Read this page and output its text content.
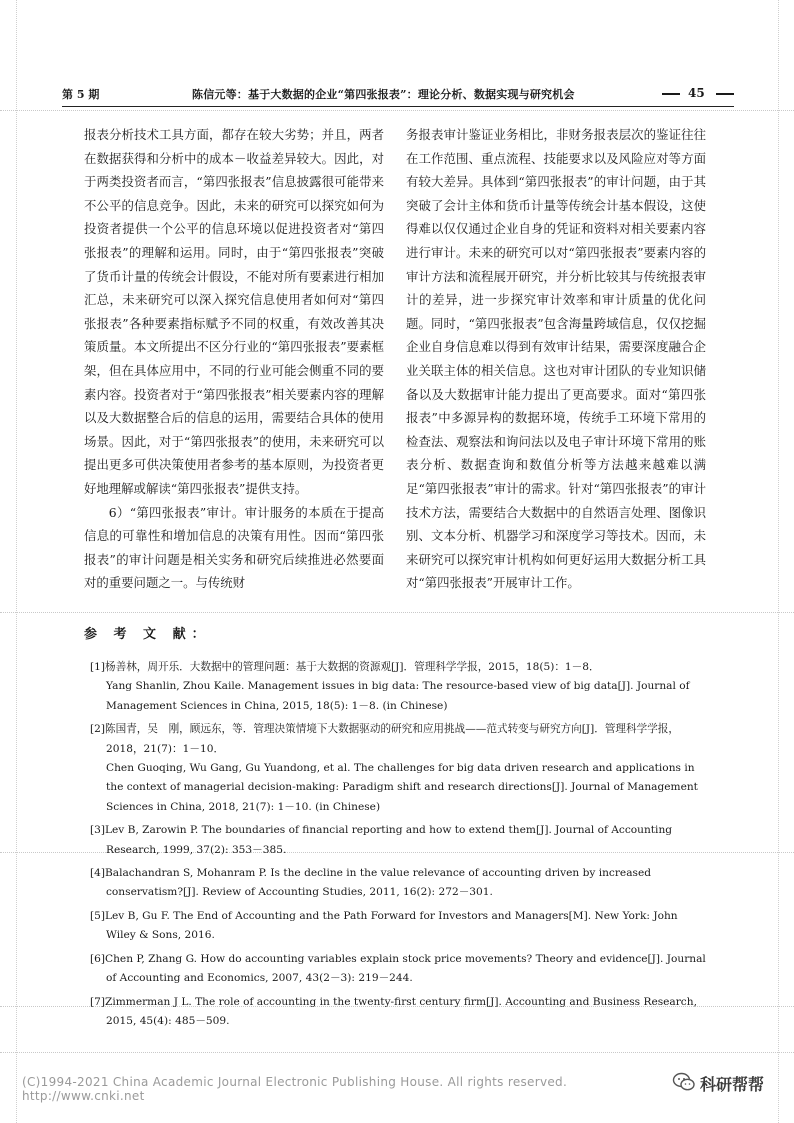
第 5 期	陈信元等：基于大数据的企业“第四张报表”：理论分析、数据实现与研究机会	45

报表分析技术工具方面，都存在较大劣势；并且，两者在数据获得和分析中的成本－收益差异较大。因此，对于两类投资者而言，“第四张报表”信息披露很可能带来不公平的信息竞争。因此，未来的研究可以探究如何为投资者提供一个公平的信息环境以促进投资者对“第四张报表”的理解和运用。同时，由于“第四张报表”突破了货币计量的传统会计假设，不能对所有要素进行相加汇总，未来研究可以深入探究信息使用者如何对“第四张报表”各种要素指标赋予不同的权重，有效改善其决策质量。本文所提出不区分行业的“第四张报表”要素框架，但在具体应用中，不同的行业可能会侧重不同的要素内容。投资者对于“第四张报表”相关要素内容的理解以及大数据整合后的信息的运用，需要结合具体的使用场景。因此，对于“第四张报表”的使用，未来研究可以提出更多可供决策使用者参考的基本原则，为投资者更好地理解或解读“第四张报表”提供支持。

6）“第四张报表”审计。审计服务的本质在于提高信息的可靠性和增加信息的决策有用性。因而“第四张报表”的审计问题是相关实务和研究后续推进必然要面对的重要问题之一。与传统财

务报表审计鉴证业务相比，非财务报表层次的鉴证往往在工作范围、重点流程、技能要求以及风险应对等方面有较大差异。具体到“第四张报表”的审计问题，由于其突破了会计主体和货币计量等传统会计基本假设，这使得难以仅仅通过企业自身的凭证和资料对相关要素内容进行审计。未来的研究可以对“第四张报表”要素内容的审计方法和流程展开研究，并分析比较其与传统报表审计的差异，进一步探究审计效率和审计质量的优化问题。同时，“第四张报表”包含海量跨域信息，仅仅挖掘企业自身信息难以得到有效审计结果，需要深度融合企业关联主体的相关信息。这也对审计团队的专业知识储备以及大数据审计能力提出了更高要求。面对“第四张报表”中多源异构的数据环境，传统手工环境下常用的检查法、观察法和询问法以及电子审计环境下常用的账表分析、数据查询和数值分析等方法越来越难以满足“第四张报表”审计的需求。针对“第四张报表”的审计技术方法，需要结合大数据中的自然语言处理、图像识别、文本分析、机器学习和深度学习等技术。因而，未来研究可以探究审计机构如何更好运用大数据分析工具对“第四张报表”开展审计工作。

参 考 文 献：
[1]杨善林，周开乐．大数据中的管理问题：基于大数据的资源观[J]．管理科学学报，2015，18(5)：1－8．
Yang Shanlin, Zhou Kaile. Management issues in big data: The resource-based view of big data[J]. Journal of Management Sciences in China, 2015, 18(5): 1－8. (in Chinese)
[2]陈国青，吴　刚，顾远东，等．管理决策情境下大数据驱动的研究和应用挑战——范式转变与研究方向[J]．管理科学学报，2018，21(7)：1－10．
Chen Guoqing, Wu Gang, Gu Yuandong, et al. The challenges for big data driven research and applications in the context of managerial decision-making: Paradigm shift and research directions[J]. Journal of Management Sciences in China, 2018, 21(7): 1－10. (in Chinese)
[3]Lev B, Zarowin P. The boundaries of financial reporting and how to extend them[J]. Journal of Accounting Research, 1999, 37(2): 353－385.
[4]Balachandran S, Mohanram P. Is the decline in the value relevance of accounting driven by increased conservatism?[J]. Review of Accounting Studies, 2011, 16(2): 272－301.
[5]Lev B, Gu F. The End of Accounting and the Path Forward for Investors and Managers[M]. New York: John Wiley & Sons, 2016.
[6]Chen P, Zhang G. How do accounting variables explain stock price movements? Theory and evidence[J]. Journal of Accounting and Economics, 2007, 43(2－3): 219－244.
[7]Zimmerman J L. The role of accounting in the twenty-first century firm[J]. Accounting and Business Research, 2015, 45(4): 485－509.
(C)1994-2021 China Academic Journal Electronic Publishing House. All rights reserved. http://www.cnki.net
科研帮帮
